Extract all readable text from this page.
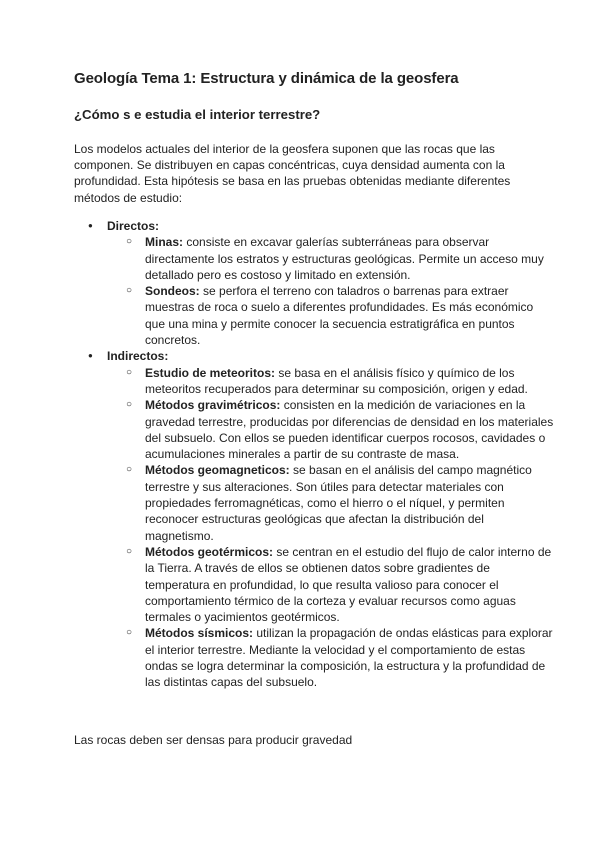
Geología Tema 1: Estructura y dinámica de la geosfera
¿Cómo s e estudia el interior terrestre?

Los modelos actuales del interior de la geosfera suponen que las rocas que las componen. Se distribuyen en capas concéntricas, cuya densidad aumenta con la profundidad. Esta hipótesis se basa en las pruebas obtenidas mediante diferentes métodos de estudio:

● Directos:
○ Minas: consiste en excavar galerías subterráneas para observar directamente los estratos y estructuras geológicas. Permite un acceso muy detallado pero es costoso y limitado en extensión.
○ Sondeos: se perfora el terreno con taladros o barrenas para extraer muestras de roca o suelo a diferentes profundidades. Es más económico que una mina y permite conocer la secuencia estratigráfica en puntos concretos.
● Indirectos:
○ Estudio de meteoritos: se basa en el análisis físico y químico de los meteoritos recuperados para determinar su composición, origen y edad.
○ Métodos gravimétricos: consisten en la medición de variaciones en la gravedad terrestre, producidas por diferencias de densidad en los materiales del subsuelo. Con ellos se pueden identificar cuerpos rocosos, cavidades o acumulaciones minerales a partir de su contraste de masa.
○ Métodos geomagneticos: se basan en el análisis del campo magnético terrestre y sus alteraciones. Son útiles para detectar materiales con propiedades ferromagnéticas, como el hierro o el níquel, y permiten reconocer estructuras geológicas que afectan la distribución del magnetismo.
○ Métodos geotérmicos: se centran en el estudio del flujo de calor interno de la Tierra. A través de ellos se obtienen datos sobre gradientes de temperatura en profundidad, lo que resulta valioso para conocer el comportamiento térmico de la corteza y evaluar recursos como aguas termales o yacimientos geotérmicos.
○ Métodos sísmicos: utilizan la propagación de ondas elásticas para explorar el interior terrestre. Mediante la velocidad y el comportamiento de estas ondas se logra determinar la composición, la estructura y la profundidad de las distintas capas del subsuelo.

Las rocas deben ser densas para producir gravedad
